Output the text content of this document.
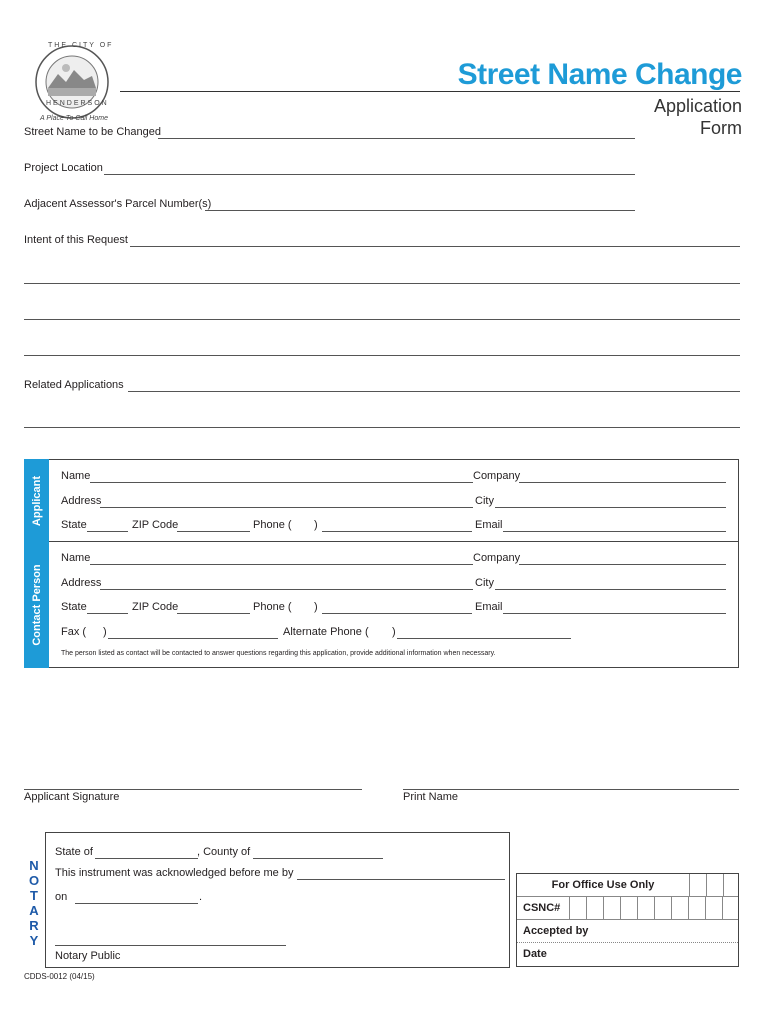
THE CITY OF
HENDERSON
A Place To Call Home
Street Name Change
Application
Form
Street Name to be Changed
Project Location
Adjacent Assessor's Parcel Number(s)
Intent of this Request
Related Applications
Applicant
Contact Person
Name	Company
Address	City
State	ZIP Code	Phone ( )	Email
Name	Company
Address	City
State	ZIP Code	Phone ( )	Email
Fax ( )	Alternate Phone ( )
The person listed as contact will be contacted to answer questions regarding this application, provide additional information when necessary.
Applicant Signature	Print Name
N
O
T
A
R
Y
State of	, County of
This instrument was acknowledged before me by
on	.
Notary Public
For Office Use Only
CSNC#
Accepted by
Date
CDDS-0012 (04/15)
